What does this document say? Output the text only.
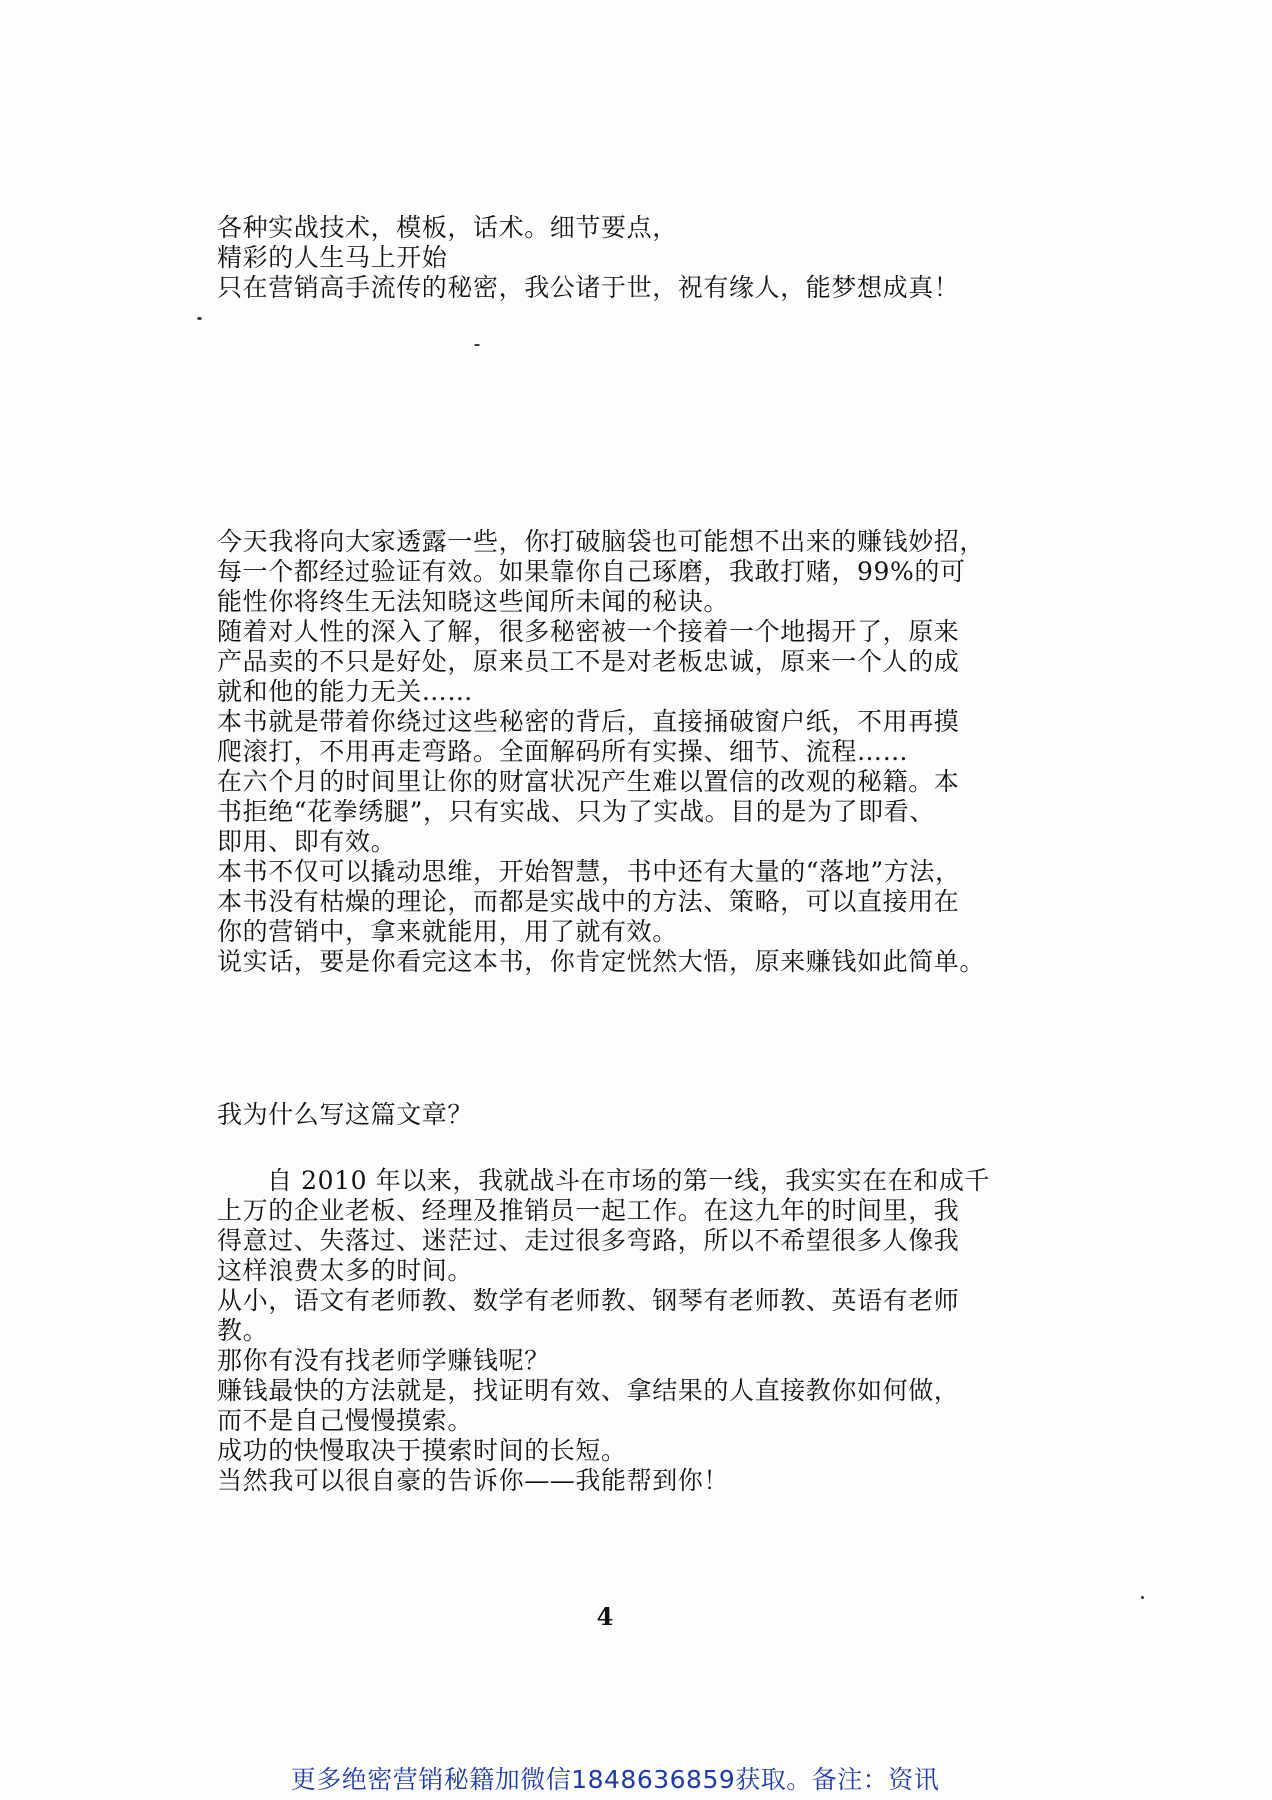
各种实战技术，模板，话术。细节要点，
精彩的人生马上开始
只在营销高手流传的秘密，我公诸于世，祝有缘人，能梦想成真！
今天我将向大家透露一些，你打破脑袋也可能想不出来的赚钱妙招，
每一个都经过验证有效。如果靠你自己琢磨，我敢打赌，99%的可
能性你将终生无法知晓这些闻所未闻的秘诀。
随着对人性的深入了解，很多秘密被一个接着一个地揭开了，原来
产品卖的不只是好处，原来员工不是对老板忠诚，原来一个人的成
就和他的能力无关……
本书就是带着你绕过这些秘密的背后，直接捅破窗户纸，不用再摸
爬滚打，不用再走弯路。全面解码所有实操、细节、流程……
在六个月的时间里让你的财富状况产生难以置信的改观的秘籍。本
书拒绝“花拳绣腿”，只有实战、只为了实战。目的是为了即看、
即用、即有效。
本书不仅可以撬动思维，开始智慧，书中还有大量的“落地”方法，
本书没有枯燥的理论，而都是实战中的方法、策略，可以直接用在
你的营销中，拿来就能用，用了就有效。
说实话，要是你看完这本书，你肯定恍然大悟，原来赚钱如此简单。
我为什么写这篇文章？
自 2010 年以来，我就战斗在市场的第一线，我实实在在和成千
上万的企业老板、经理及推销员一起工作。在这九年的时间里，我
得意过、失落过、迷茫过、走过很多弯路，所以不希望很多人像我
这样浪费太多的时间。
从小，语文有老师教、数学有老师教、钢琴有老师教、英语有老师
教。
那你有没有找老师学赚钱呢？
赚钱最快的方法就是，找证明有效、拿结果的人直接教你如何做，
而不是自己慢慢摸索。
成功的快慢取决于摸索时间的长短。
当然我可以很自豪的告诉你——我能帮到你！
4
更多绝密营销秘籍加微信1848636859获取。备注：资讯
